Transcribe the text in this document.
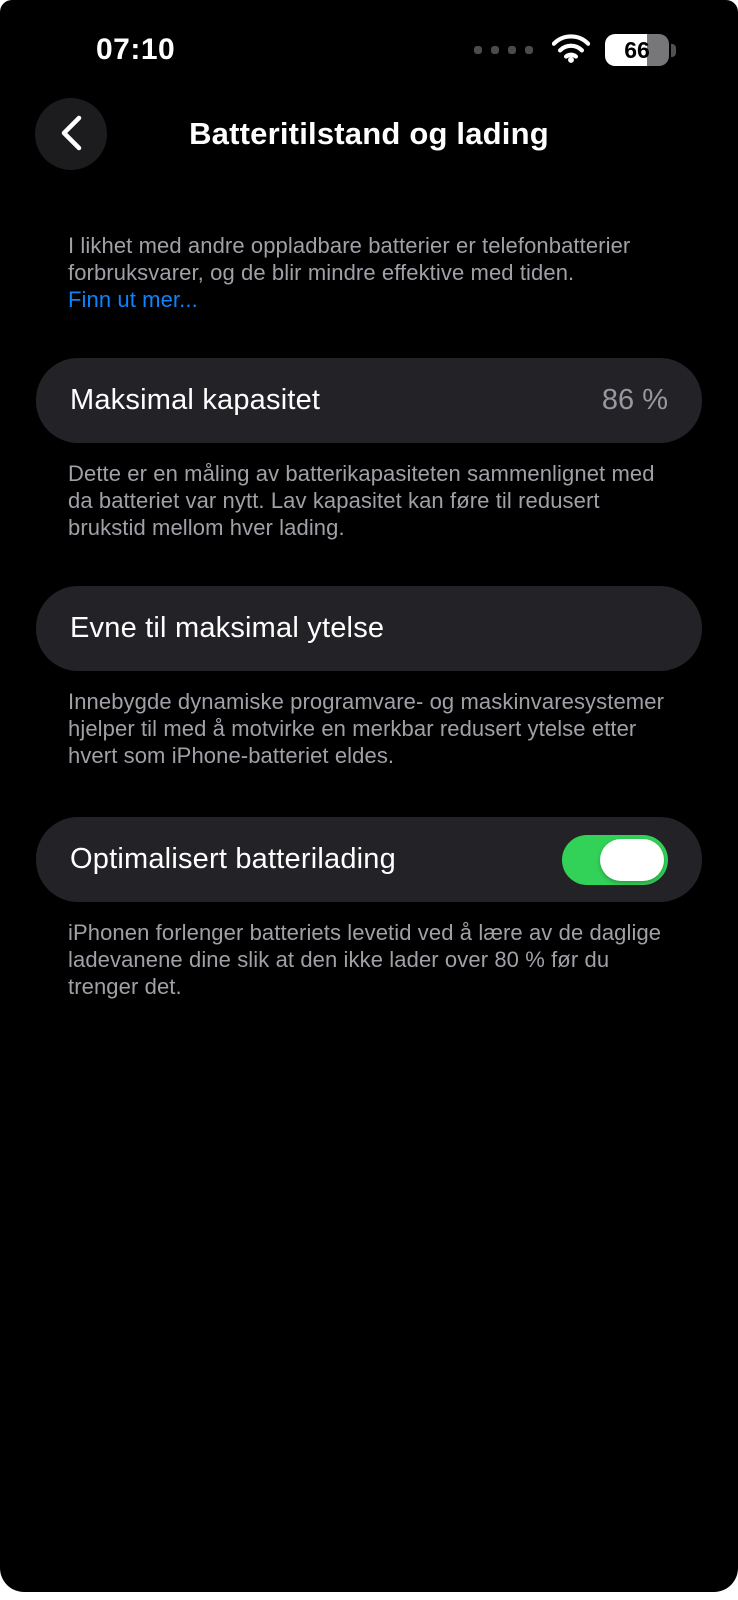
07:10	66
Batteritilstand og lading

I likhet med andre oppladbare batterier er telefonbatterier forbruksvarer, og de blir mindre effektive med tiden.
Finn ut mer...

Maksimal kapasitet	86 %

Dette er en måling av batterikapasiteten sammenlignet med da batteriet var nytt. Lav kapasitet kan føre til redusert brukstid mellom hver lading.

Evne til maksimal ytelse

Innebygde dynamiske programvare- og maskinvaresystemer hjelper til med å motvirke en merkbar redusert ytelse etter hvert som iPhone-batteriet eldes.

Optimalisert batterilading

iPhonen forlenger batteriets levetid ved å lære av de daglige ladevanene dine slik at den ikke lader over 80 % før du trenger det.
